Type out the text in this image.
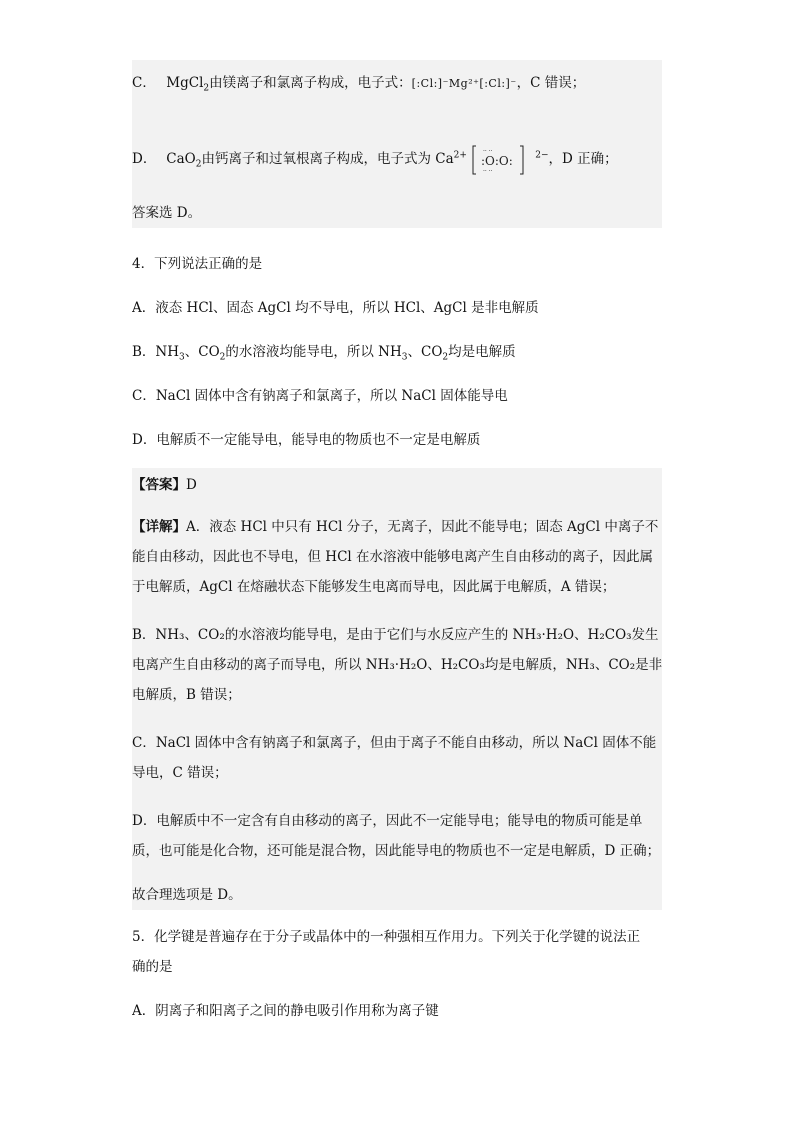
C． MgCl$_2$由镁离子和氯离子构成，电子式：[:Cl:]⁻Mg²⁺[:Cl:]⁻，C 错误；
D． CaO$_2$由钙离子和过氧根离子构成，电子式为 $Ca^{2+}$ :O:O:
·· ··
·· ··
$^{2-}$，D 正确；
答案选 D。
4．下列说法正确的是
A．液态 HCl、固态 AgCl 均不导电，所以 HCl、AgCl 是非电解质
B．$NH_3$、$CO_2$的水溶液均能导电，所以 $NH_3$、$CO_2$均是电解质
C．NaCl 固体中含有钠离子和氯离子，所以 NaCl 固体能导电
D．电解质不一定能导电，能导电的物质也不一定是电解质
【答案】D
【详解】A．液态 HCl 中只有 HCl 分子，无离子，因此不能导电；固态 AgCl 中离子不
能自由移动，因此也不导电，但 HCl 在水溶液中能够电离产生自由移动的离子，因此属
于电解质，AgCl 在熔融状态下能够发生电离而导电，因此属于电解质，A 错误；
B．NH₃、CO₂的水溶液均能导电，是由于它们与水反应产生的 NH₃·H₂O、H₂CO₃发生
电离产生自由移动的离子而导电，所以 NH₃·H₂O、H₂CO₃均是电解质，NH₃、CO₂是非
电解质，B 错误；
C．NaCl 固体中含有钠离子和氯离子，但由于离子不能自由移动，所以 NaCl 固体不能
导电，C 错误；
D．电解质中不一定含有自由移动的离子，因此不一定能导电；能导电的物质可能是单
质，也可能是化合物，还可能是混合物，因此能导电的物质也不一定是电解质，D 正确；
故合理选项是 D。
5．化学键是普遍存在于分子或晶体中的一种强相互作用力。下列关于化学键的说法正
确的是
A．阴离子和阳离子之间的静电吸引作用称为离子键
